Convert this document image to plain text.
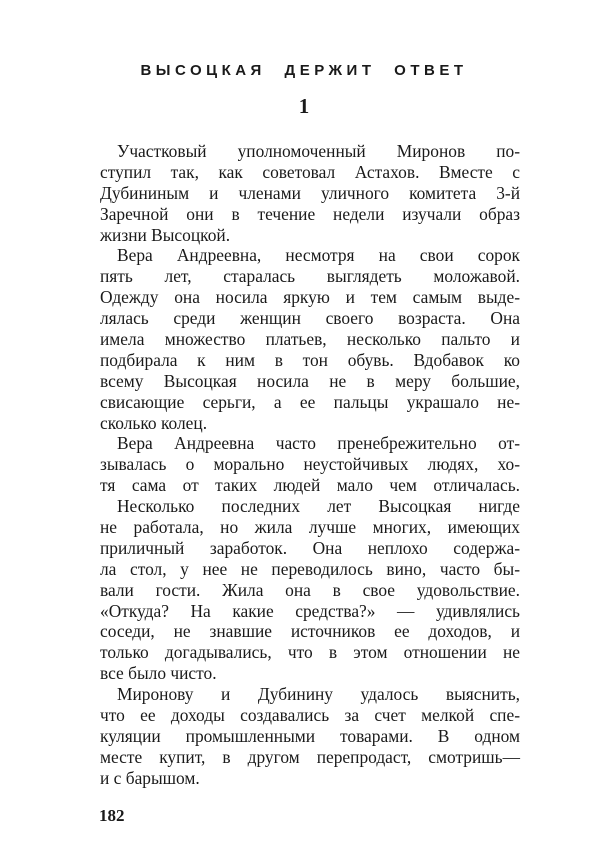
ВЫСОЦКАЯ ДЕРЖИТ ОТВЕТ
1
Участковый уполномоченный Миронов по-
ступил так, как советовал Астахов. Вместе с
Дубининым и членами уличного комитета 3-й
Заречной они в течение недели изучали образ
жизни Высоцкой.
Вера Андреевна, несмотря на свои сорок
пять лет, старалась выглядеть моложавой.
Одежду она носила яркую и тем самым выде-
лялась среди женщин своего возраста. Она
имела множество платьев, несколько пальто и
подбирала к ним в тон обувь. Вдобавок ко
всему Высоцкая носила не в меру большие,
свисающие серьги, а ее пальцы украшало не-
сколько колец.
Вера Андреевна часто пренебрежительно от-
зывалась о морально неустойчивых людях, хо-
тя сама от таких людей мало чем отличалась.
Несколько последних лет Высоцкая нигде
не работала, но жила лучше многих, имеющих
приличный заработок. Она неплохо содержа-
ла стол, у нее не переводилось вино, часто бы-
вали гости. Жила она в свое удовольствие.
«Откуда? На какие средства?» — удивлялись
соседи, не знавшие источников ее доходов, и
только догадывались, что в этом отношении не
все было чисто.
Миронову и Дубинину удалось выяснить,
что ее доходы создавались за счет мелкой спе-
куляции промышленными товарами. В одном
месте купит, в другом перепродаст, смотришь—
и с барышом.
182
